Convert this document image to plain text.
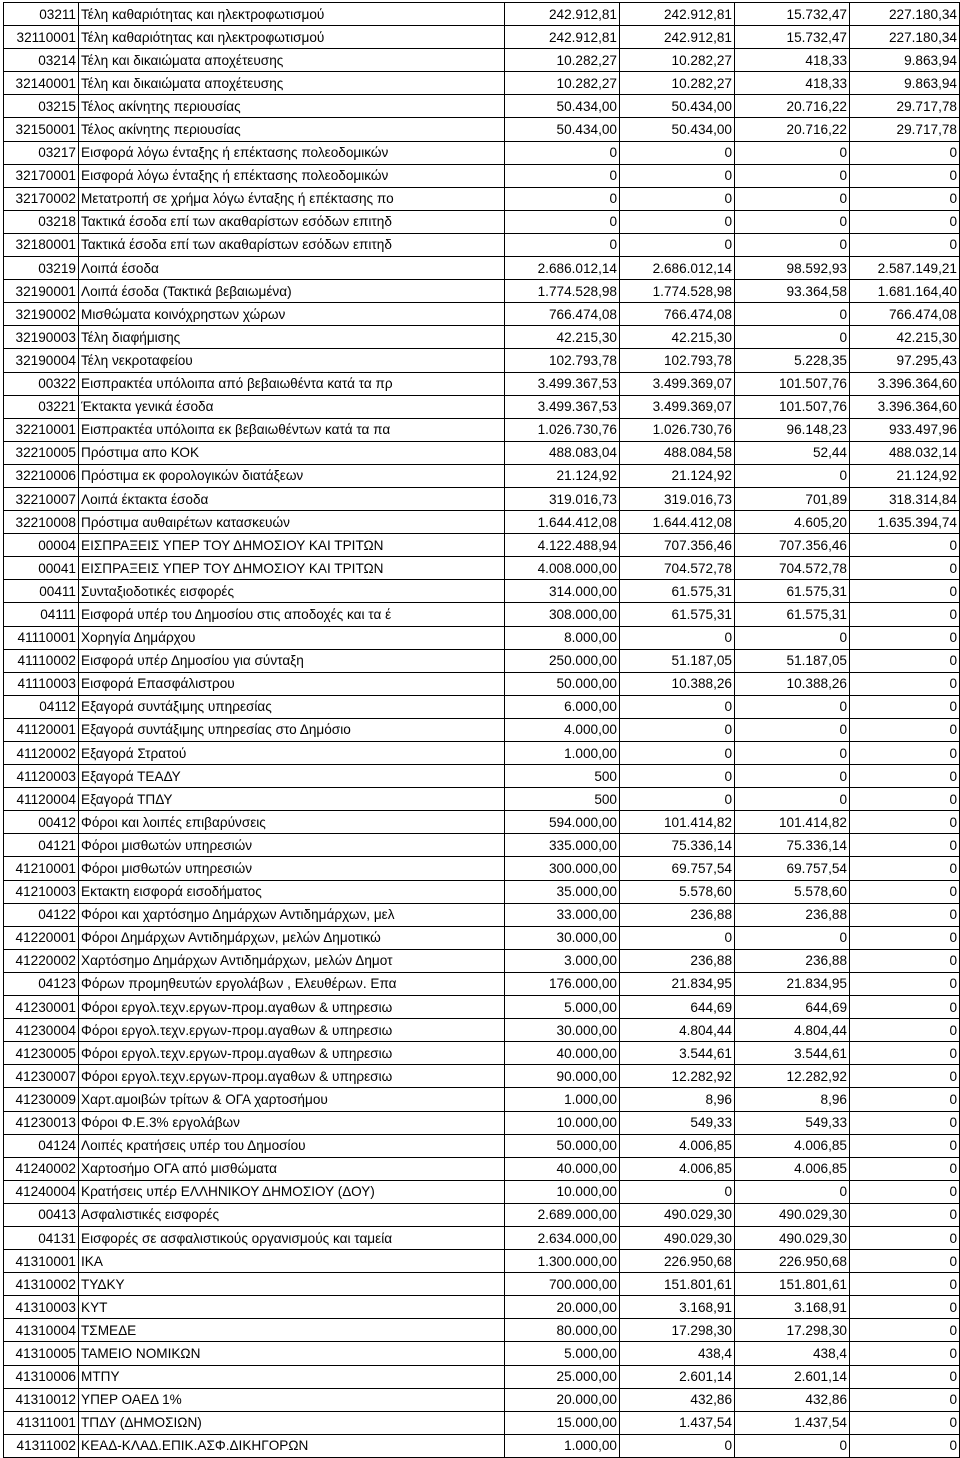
03211	Τέλη καθαριότητας και ηλεκτροφωτισμού	242.912,81	242.912,81	15.732,47	227.180,34
32110001	Τέλη καθαριότητας και ηλεκτροφωτισμού	242.912,81	242.912,81	15.732,47	227.180,34
03214	Τέλη και δικαιώματα αποχέτευσης	10.282,27	10.282,27	418,33	9.863,94
32140001	Τέλη και δικαιώματα αποχέτευσης	10.282,27	10.282,27	418,33	9.863,94
03215	Τέλος ακίνητης περιουσίας	50.434,00	50.434,00	20.716,22	29.717,78
32150001	Τέλος ακίνητης περιουσίας	50.434,00	50.434,00	20.716,22	29.717,78
03217	Εισφορά λόγω ένταξης ή επέκτασης πολεοδομικών	0	0	0	0
32170001	Εισφορά λόγω ένταξης ή επέκτασης πολεοδομικών	0	0	0	0
32170002	Μετατροπή σε χρήμα λόγω ένταξης ή επέκτασης πο	0	0	0	0
03218	Τακτικά έσοδα επί των ακαθαρίστων εσόδων επιτηδ	0	0	0	0
32180001	Τακτικά έσοδα επί των ακαθαρίστων εσόδων επιτηδ	0	0	0	0
03219	Λοιπά έσοδα	2.686.012,14	2.686.012,14	98.592,93	2.587.149,21
32190001	Λοιπά έσοδα (Τακτικά βεβαιωμένα)	1.774.528,98	1.774.528,98	93.364,58	1.681.164,40
32190002	Μισθώματα κοινόχρηστων χώρων	766.474,08	766.474,08	0	766.474,08
32190003	Τέλη διαφήμισης	42.215,30	42.215,30	0	42.215,30
32190004	Τέλη νεκροταφείου	102.793,78	102.793,78	5.228,35	97.295,43
00322	Εισπρακτέα υπόλοιπα από βεβαιωθέντα κατά τα πρ	3.499.367,53	3.499.369,07	101.507,76	3.396.364,60
03221	Έκτακτα γενικά έσοδα	3.499.367,53	3.499.369,07	101.507,76	3.396.364,60
32210001	Εισπρακτέα υπόλοιπα εκ βεβαιωθέντων κατά τα πα	1.026.730,76	1.026.730,76	96.148,23	933.497,96
32210005	Πρόστιμα απο ΚΟΚ	488.083,04	488.084,58	52,44	488.032,14
32210006	Πρόστιμα εκ φορολογικών διατάξεων	21.124,92	21.124,92	0	21.124,92
32210007	Λοιπά έκτακτα έσοδα	319.016,73	319.016,73	701,89	318.314,84
32210008	Πρόστιμα αυθαιρέτων κατασκευών	1.644.412,08	1.644.412,08	4.605,20	1.635.394,74
00004	ΕΙΣΠΡΑΞΕΙΣ ΥΠΕΡ ΤΟΥ ΔΗΜΟΣΙΟΥ ΚΑΙ ΤΡΙΤΩΝ	4.122.488,94	707.356,46	707.356,46	0
00041	ΕΙΣΠΡΑΞΕΙΣ ΥΠΕΡ ΤΟΥ ΔΗΜΟΣΙΟΥ ΚΑΙ ΤΡΙΤΩΝ	4.008.000,00	704.572,78	704.572,78	0
00411	Συνταξιοδοτικές εισφορές	314.000,00	61.575,31	61.575,31	0
04111	Εισφορά υπέρ του Δημοσίου στις αποδοχές και τα έ	308.000,00	61.575,31	61.575,31	0
41110001	Χορηγία Δημάρχου	8.000,00	0	0	0
41110002	Εισφορά υπέρ Δημοσίου για σύνταξη	250.000,00	51.187,05	51.187,05	0
41110003	Εισφορά Επασφάλιστρου	50.000,00	10.388,26	10.388,26	0
04112	Εξαγορά συντάξιμης υπηρεσίας	6.000,00	0	0	0
41120001	Εξαγορά συντάξιμης υπηρεσίας στο Δημόσιο	4.000,00	0	0	0
41120002	Εξαγορά Στρατού	1.000,00	0	0	0
41120003	Εξαγορά ΤΕΑΔΥ	500	0	0	0
41120004	Εξαγορά ΤΠΔΥ	500	0	0	0
00412	Φόροι και λοιπές επιβαρύνσεις	594.000,00	101.414,82	101.414,82	0
04121	Φόροι μισθωτών υπηρεσιών	335.000,00	75.336,14	75.336,14	0
41210001	Φόροι μισθωτών υπηρεσιών	300.000,00	69.757,54	69.757,54	0
41210003	Εκτακτη εισφορά εισοδήματος	35.000,00	5.578,60	5.578,60	0
04122	Φόροι και χαρτόσημο Δημάρχων Αντιδημάρχων, μελ	33.000,00	236,88	236,88	0
41220001	Φόροι Δημάρχων Αντιδημάρχων, μελών Δημοτικώ	30.000,00	0	0	0
41220002	Χαρτόσημο Δημάρχων Αντιδημάρχων, μελών Δημοτ	3.000,00	236,88	236,88	0
04123	Φόρων προμηθευτών εργολάβων , Ελευθέρων. Επα	176.000,00	21.834,95	21.834,95	0
41230001	Φόροι εργολ.τεχν.εργων-προμ.αγαθων & υπηρεσιω	5.000,00	644,69	644,69	0
41230004	Φόροι εργολ.τεχν.εργων-προμ.αγαθων & υπηρεσιω	30.000,00	4.804,44	4.804,44	0
41230005	Φόροι εργολ.τεχν.εργων-προμ.αγαθων & υπηρεσιω	40.000,00	3.544,61	3.544,61	0
41230007	Φόροι εργολ.τεχν.εργων-προμ.αγαθων & υπηρεσιω	90.000,00	12.282,92	12.282,92	0
41230009	Χαρτ.αμοιβών τρίτων & ΟΓΑ χαρτοσήμου	1.000,00	8,96	8,96	0
41230013	Φόροι Φ.Ε.3% εργολάβων	10.000,00	549,33	549,33	0
04124	Λοιπές κρατήσεις υπέρ του Δημοσίου	50.000,00	4.006,85	4.006,85	0
41240002	Χαρτοσήμο ΟΓΑ από μισθώματα	40.000,00	4.006,85	4.006,85	0
41240004	Κρατήσεις υπέρ ΕΛΛΗΝΙΚΟΥ ΔΗΜΟΣΙΟΥ (ΔΟΥ)	10.000,00	0	0	0
00413	Ασφαλιστικές εισφορές	2.689.000,00	490.029,30	490.029,30	0
04131	Εισφορές σε ασφαλιστικούς οργανισμούς και ταμεία	2.634.000,00	490.029,30	490.029,30	0
41310001	ΙΚΑ	1.300.000,00	226.950,68	226.950,68	0
41310002	ΤΥΔΚΥ	700.000,00	151.801,61	151.801,61	0
41310003	ΚΥΤ	20.000,00	3.168,91	3.168,91	0
41310004	ΤΣΜΕΔΕ	80.000,00	17.298,30	17.298,30	0
41310005	ΤΑΜΕΙΟ ΝΟΜΙΚΩΝ	5.000,00	438,4	438,4	0
41310006	ΜΤΠΥ	25.000,00	2.601,14	2.601,14	0
41310012	ΥΠΕΡ ΟΑΕΔ 1%	20.000,00	432,86	432,86	0
41311001	ΤΠΔΥ (ΔΗΜΟΣΙΩΝ)	15.000,00	1.437,54	1.437,54	0
41311002	ΚΕΑΔ-ΚΛΑΔ.ΕΠΙΚ.ΑΣΦ.ΔΙΚΗΓΟΡΩΝ	1.000,00	0	0	0
